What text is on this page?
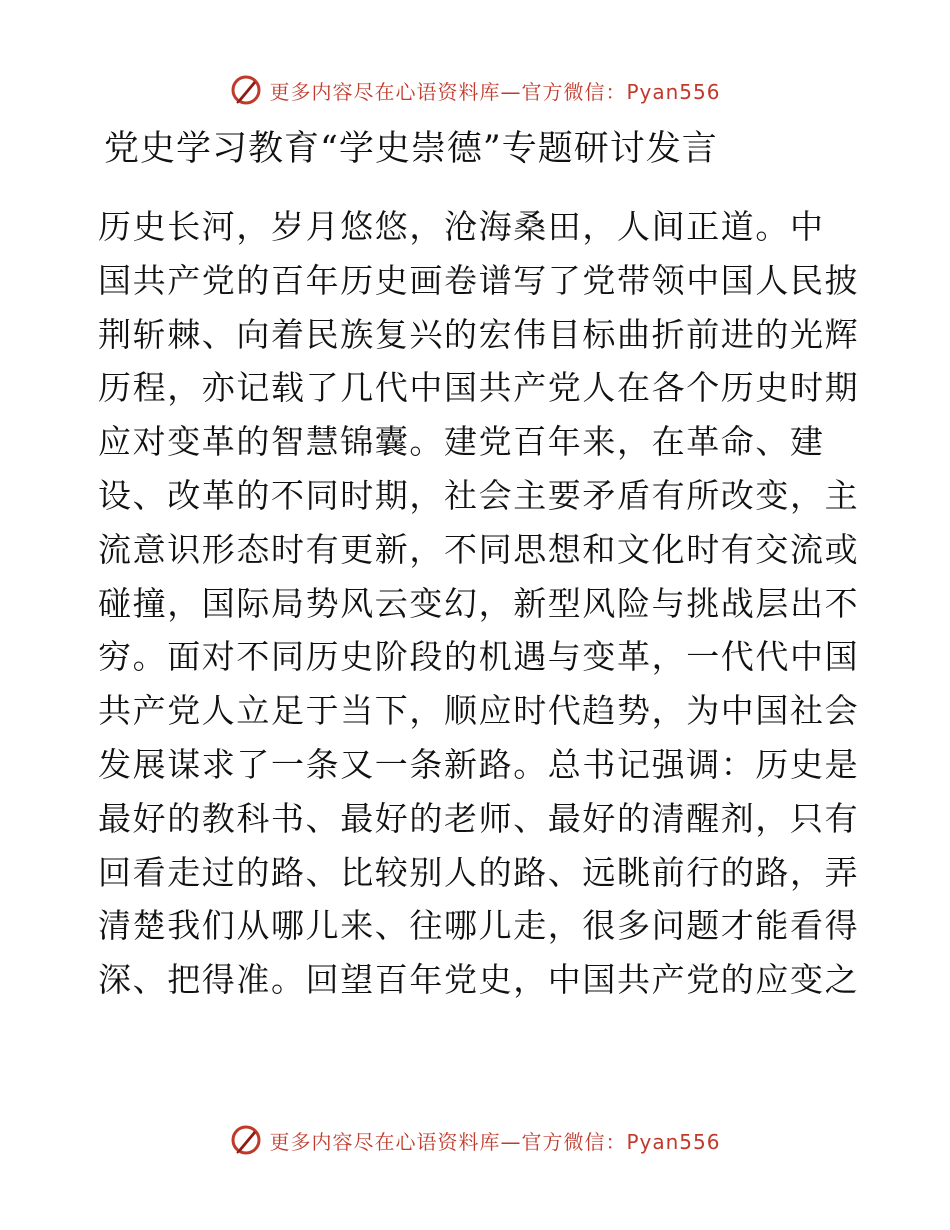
更多内容尽在心语资料库—官方微信：Pyan556
党史学习教育“学史崇德”专题研讨发言
历史长河，岁月悠悠，沧海桑田，人间正道。中
国共产党的百年历史画卷谱写了党带领中国人民披
荆斩棘、向着民族复兴的宏伟目标曲折前进的光辉
历程，亦记载了几代中国共产党人在各个历史时期
应对变革的智慧锦囊。建党百年来，在革命、建
设、改革的不同时期，社会主要矛盾有所改变，主
流意识形态时有更新，不同思想和文化时有交流或
碰撞，国际局势风云变幻，新型风险与挑战层出不
穷。面对不同历史阶段的机遇与变革，一代代中国
共产党人立足于当下，顺应时代趋势，为中国社会
发展谋求了一条又一条新路。总书记强调：历史是
最好的教科书、最好的老师、最好的清醒剂，只有
回看走过的路、比较别人的路、远眺前行的路，弄
清楚我们从哪儿来、往哪儿走，很多问题才能看得
深、把得准。回望百年党史，中国共产党的应变之
更多内容尽在心语资料库—官方微信：Pyan556
